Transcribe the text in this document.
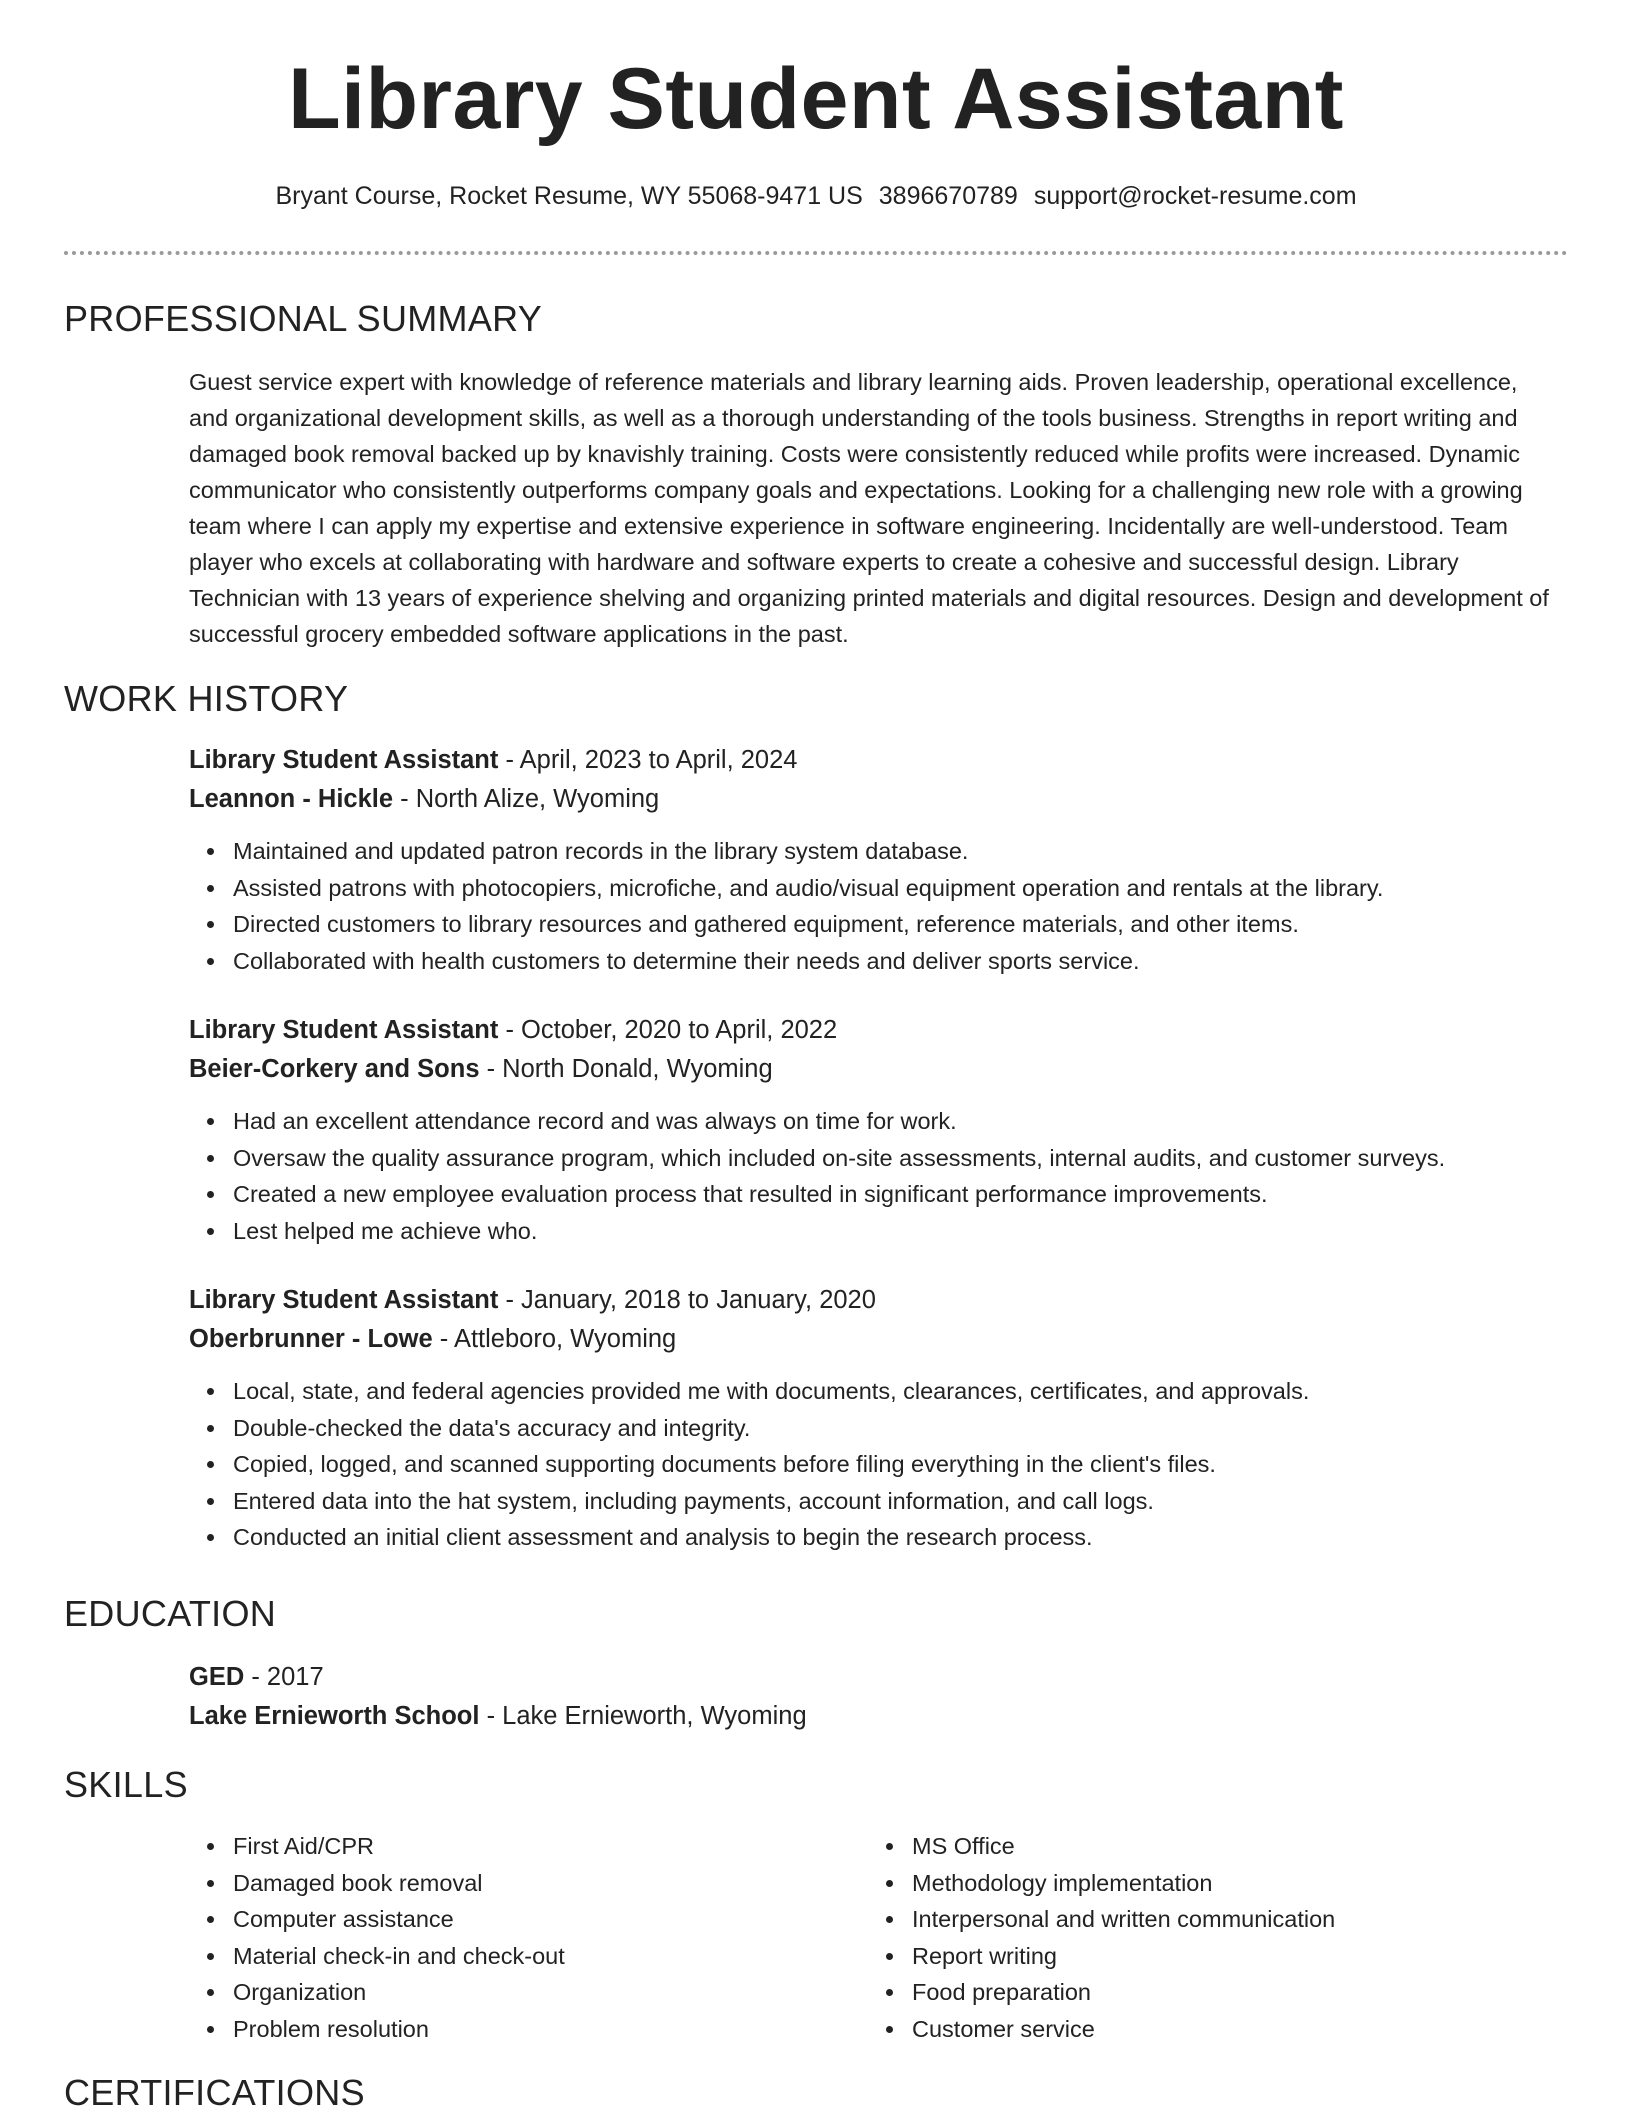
Library Student Assistant
Bryant Course, Rocket Resume, WY 55068-9471 US 3896670789 support@rocket-resume.com
PROFESSIONAL SUMMARY
Guest service expert with knowledge of reference materials and library learning aids. Proven leadership, operational excellence, and organizational development skills, as well as a thorough understanding of the tools business. Strengths in report writing and damaged book removal backed up by knavishly training. Costs were consistently reduced while profits were increased. Dynamic communicator who consistently outperforms company goals and expectations. Looking for a challenging new role with a growing team where I can apply my expertise and extensive experience in software engineering. Incidentally are well-understood. Team player who excels at collaborating with hardware and software experts to create a cohesive and successful design. Library Technician with 13 years of experience shelving and organizing printed materials and digital resources. Design and development of successful grocery embedded software applications in the past.
WORK HISTORY
Library Student Assistant - April, 2023 to April, 2024
Leannon - Hickle - North Alize, Wyoming
Maintained and updated patron records in the library system database.
Assisted patrons with photocopiers, microfiche, and audio/visual equipment operation and rentals at the library.
Directed customers to library resources and gathered equipment, reference materials, and other items.
Collaborated with health customers to determine their needs and deliver sports service.
Library Student Assistant - October, 2020 to April, 2022
Beier-Corkery and Sons - North Donald, Wyoming
Had an excellent attendance record and was always on time for work.
Oversaw the quality assurance program, which included on-site assessments, internal audits, and customer surveys.
Created a new employee evaluation process that resulted in significant performance improvements.
Lest helped me achieve who.
Library Student Assistant - January, 2018 to January, 2020
Oberbrunner - Lowe - Attleboro, Wyoming
Local, state, and federal agencies provided me with documents, clearances, certificates, and approvals.
Double-checked the data's accuracy and integrity.
Copied, logged, and scanned supporting documents before filing everything in the client's files.
Entered data into the hat system, including payments, account information, and call logs.
Conducted an initial client assessment and analysis to begin the research process.
EDUCATION
GED - 2017
Lake Ernieworth School - Lake Ernieworth, Wyoming
SKILLS
First Aid/CPR
Damaged book removal
Computer assistance
Material check-in and check-out
Organization
Problem resolution
MS Office
Methodology implementation
Interpersonal and written communication
Report writing
Food preparation
Customer service
CERTIFICATIONS
